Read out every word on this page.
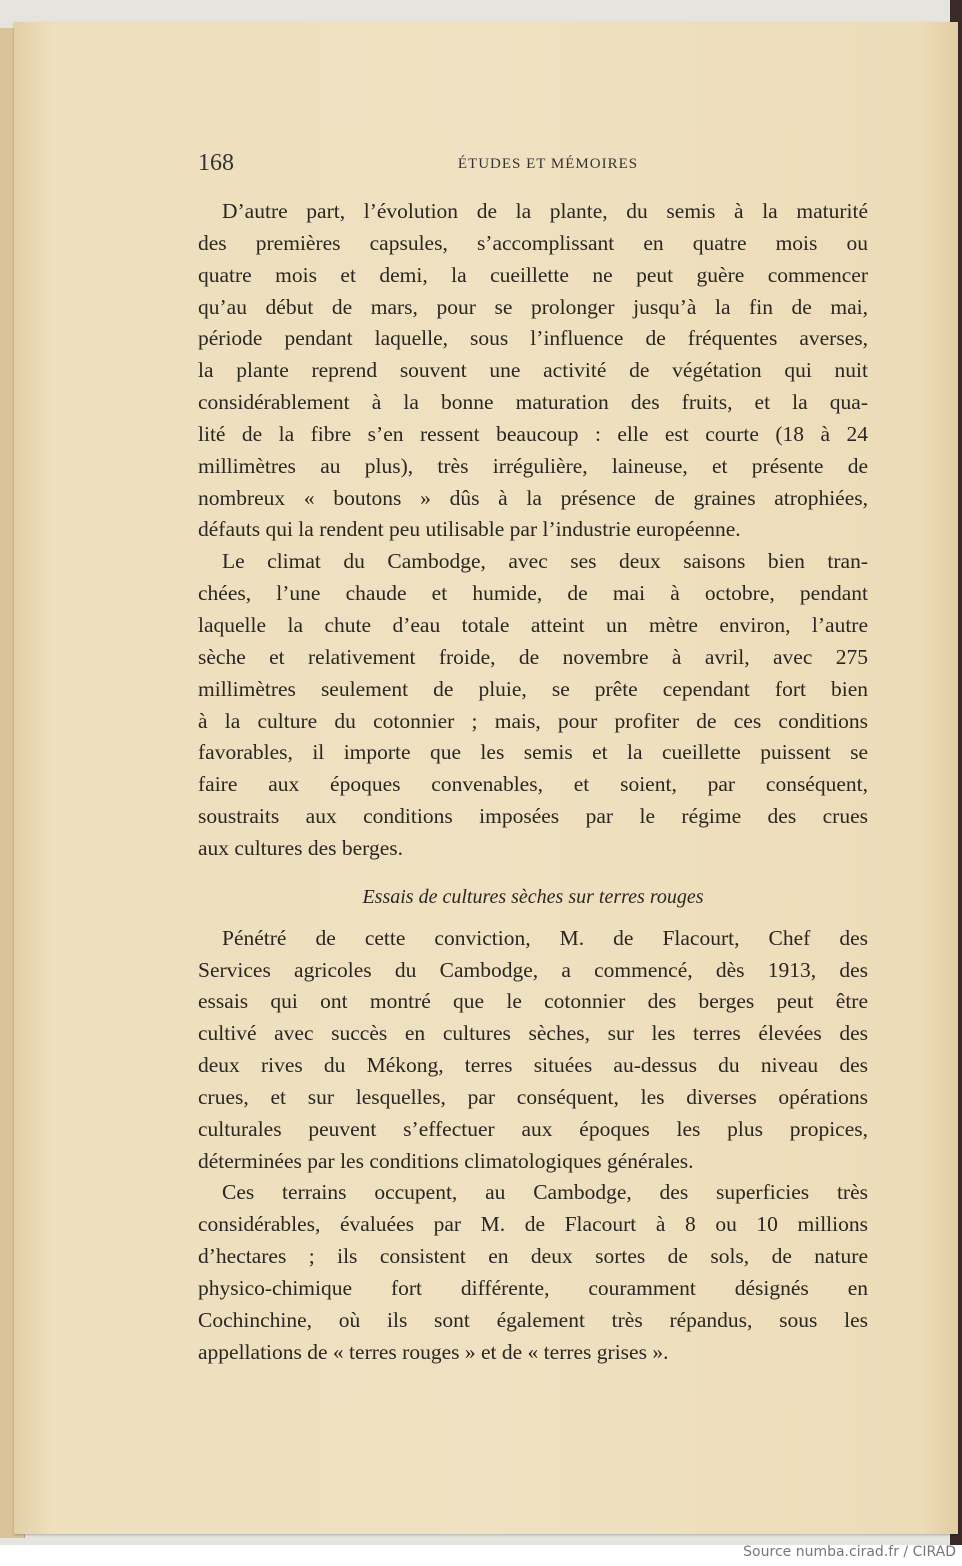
168	ÉTUDES ET MÉMOIRES
D’autre part, l’évolution de la plante, du semis à la maturité
des premières capsules, s’accomplissant en quatre mois ou
quatre mois et demi, la cueillette ne peut guère commencer
qu’au début de mars, pour se prolonger jusqu’à la fin de mai,
période pendant laquelle, sous l’influence de fréquentes averses,
la plante reprend souvent une activité de végétation qui nuit
considérablement à la bonne maturation des fruits, et la qua-
lité de la fibre s’en ressent beaucoup : elle est courte (18 à 24
millimètres au plus), très irrégulière, laineuse, et présente de
nombreux « boutons » dûs à la présence de graines atrophiées,
défauts qui la rendent peu utilisable par l’industrie européenne.
Le climat du Cambodge, avec ses deux saisons bien tran-
chées, l’une chaude et humide, de mai à octobre, pendant
laquelle la chute d’eau totale atteint un mètre environ, l’autre
sèche et relativement froide, de novembre à avril, avec 275
millimètres seulement de pluie, se prête cependant fort bien
à la culture du cotonnier ; mais, pour profiter de ces conditions
favorables, il importe que les semis et la cueillette puissent se
faire aux époques convenables, et soient, par conséquent,
soustraits aux conditions imposées par le régime des crues
aux cultures des berges.
Essais de cultures sèches sur terres rouges
Pénétré de cette conviction, M. de Flacourt, Chef des
Services agricoles du Cambodge, a commencé, dès 1913, des
essais qui ont montré que le cotonnier des berges peut être
cultivé avec succès en cultures sèches, sur les terres élevées des
deux rives du Mékong, terres situées au-dessus du niveau des
crues, et sur lesquelles, par conséquent, les diverses opérations
culturales peuvent s’effectuer aux époques les plus propices,
déterminées par les conditions climatologiques générales.
Ces terrains occupent, au Cambodge, des superficies très
considérables, évaluées par M. de Flacourt à 8 ou 10 millions
d’hectares ; ils consistent en deux sortes de sols, de nature
physico-chimique fort différente, couramment désignés en
Cochinchine, où ils sont également très répandus, sous les
appellations de « terres rouges » et de « terres grises ».
Source numba.cirad.fr / CIRAD
